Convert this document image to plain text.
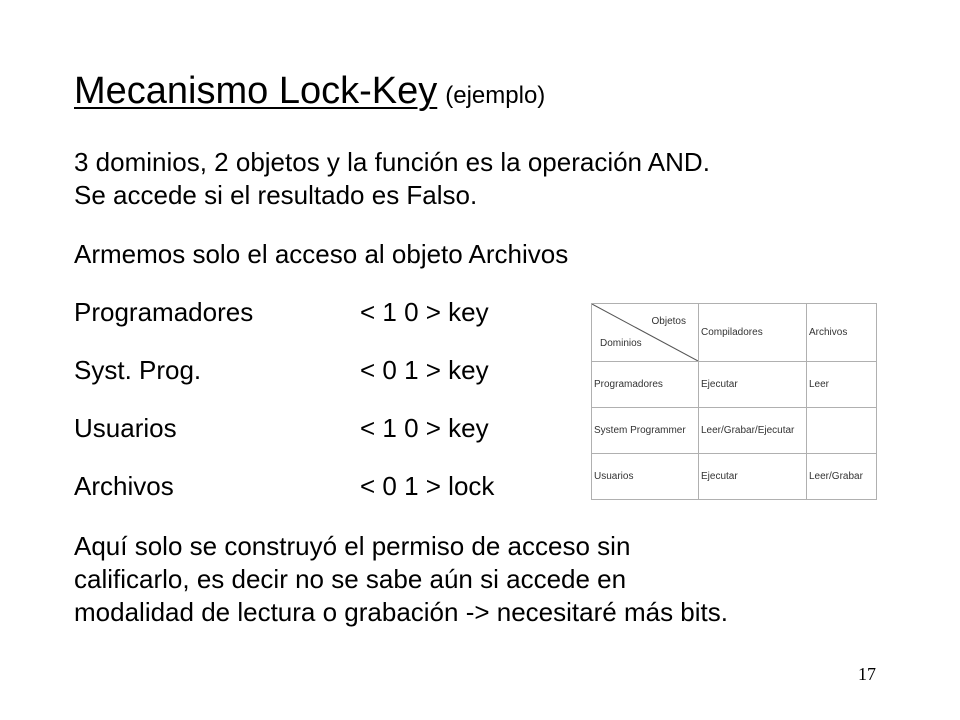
Mecanismo Lock-Key (ejemplo)
3 dominios, 2 objetos y la función es la operación AND.
Se accede si el resultado es Falso.
Armemos solo el acceso al objeto Archivos
Programadores	< 1 0 > key
Syst. Prog.	< 0 1 > key
Usuarios	< 1 0 > key
Archivos	< 0 1 > lock
Objetos
Dominios	Compiladores	Archivos
Programadores	Ejecutar	Leer
System Programmer	Leer/Grabar/Ejecutar	
Usuarios	Ejecutar	Leer/Grabar
Aquí solo se construyó el permiso de acceso sin
calificarlo, es decir no se sabe aún si accede en
modalidad de lectura o grabación -> necesitaré más bits.
17
